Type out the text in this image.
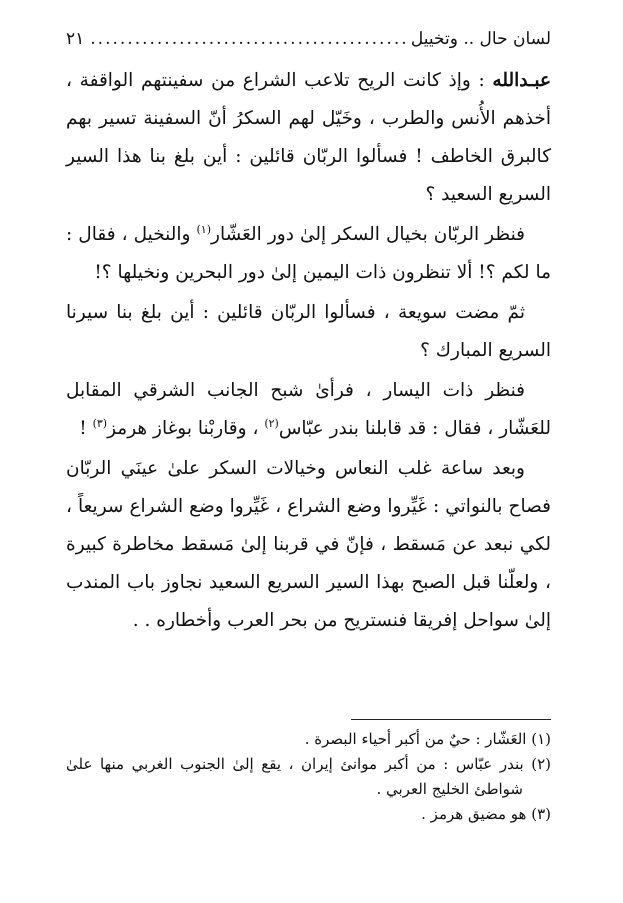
لسان حال .. وتخييل
.....
٢١

عبـدالله : وإذ كانت الريح تلاعب الشراع من سفينتهم الواقفة ، أخذهم الأُنس والطرب ، وخَيّل لهم السكرُ أنّ السفينة تسير بهم كالبرق الخاطف ! فسألوا الربّان قائلين : أين بلغ بنا هذا السير السريع السعيد ؟

فنظر الربّان بخيال السكر إلىٰ دور العَشّار$^{(١)}$ والنخيل ، فقال : ما لكم ؟! ألا تنظرون ذات اليمين إلىٰ دور البحرين ونخيلها ؟!

ثمّ مضت سويعة ، فسألوا الربّان قائلين : أين بلغ بنا سيرنا السريع المبارك ؟

فنظر ذات اليسار ، فرأىٰ شبح الجانب الشرقي المقابل للعَشّار ، فقال : قد قابلنا بندر عبّاس$^{(٢)}$ ، وقاربْنا بوغاز هرمز$^{(٣)}$ !

وبعد ساعة غلب النعاس وخيالات السكر علىٰ عينَي الربّان فصاح بالنواتي : غَيِّروا وضع الشراع ، غَيِّروا وضع الشراع سريعاً ، لكي نبعد عن مَسقط ، فإنّ في قربنا إلىٰ مَسقط مخاطرة كبيرة ، ولعلّنا قبل الصبح بهذا السير السريع السعيد نجاوز باب المندب إلىٰ سواحل إفريقا فنستريح من بحر العرب وأخطاره . .

(١) العَشّار : حيٌ من أكبر أحياء البصرة .

(٢) بندر عبّاس : من أكبر موانئ إيران ، يقع إلىٰ الجنوب الغربي منها علىٰ شواطئ الخليج العربي .

(٣) هو مضيق هرمز .
